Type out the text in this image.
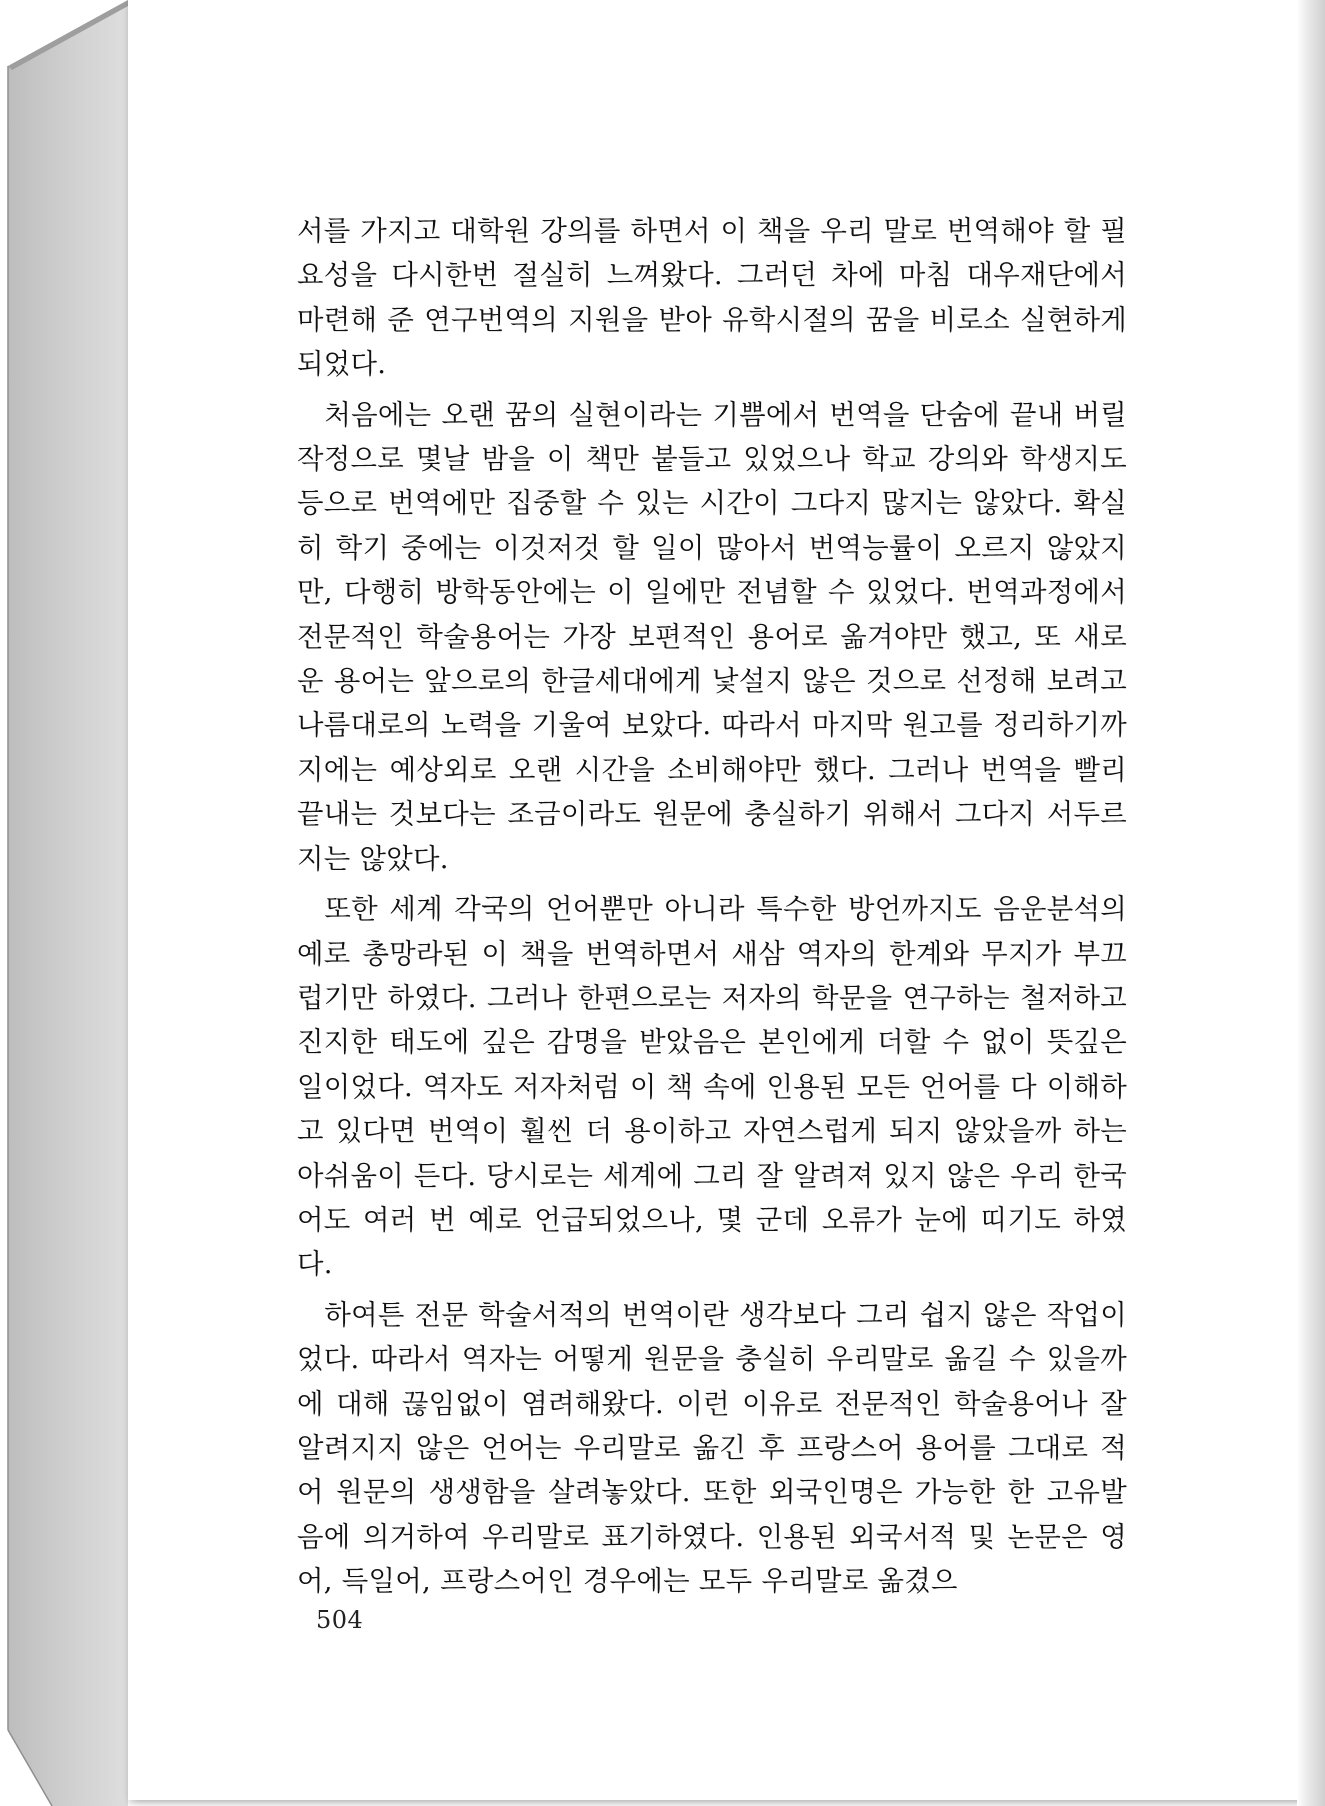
서를 가지고 대학원 강의를 하면서 이 책을 우리 말로 번역해야 할 필요성을 다시한번 절실히 느껴왔다. 그러던 차에 마침 대우재단에서 마련해 준 연구번역의 지원을 받아 유학시절의 꿈을 비로소 실현하게 되었다.

처음에는 오랜 꿈의 실현이라는 기쁨에서 번역을 단숨에 끝내 버릴 작정으로 몇날 밤을 이 책만 붙들고 있었으나 학교 강의와 학생지도 등으로 번역에만 집중할 수 있는 시간이 그다지 많지는 않았다. 확실히 학기 중에는 이것저것 할 일이 많아서 번역능률이 오르지 않았지만, 다행히 방학동안에는 이 일에만 전념할 수 있었다. 번역과정에서 전문적인 학술용어는 가장 보편적인 용어로 옮겨야만 했고, 또 새로운 용어는 앞으로의 한글세대에게 낯설지 않은 것으로 선정해 보려고 나름대로의 노력을 기울여 보았다. 따라서 마지막 원고를 정리하기까지에는 예상외로 오랜 시간을 소비해야만 했다. 그러나 번역을 빨리 끝내는 것보다는 조금이라도 원문에 충실하기 위해서 그다지 서두르지는 않았다.

또한 세계 각국의 언어뿐만 아니라 특수한 방언까지도 음운분석의 예로 총망라된 이 책을 번역하면서 새삼 역자의 한계와 무지가 부끄럽기만 하였다. 그러나 한편으로는 저자의 학문을 연구하는 철저하고 진지한 태도에 깊은 감명을 받았음은 본인에게 더할 수 없이 뜻깊은 일이었다. 역자도 저자처럼 이 책 속에 인용된 모든 언어를 다 이해하고 있다면 번역이 훨씬 더 용이하고 자연스럽게 되지 않았을까 하는 아쉬움이 든다. 당시로는 세계에 그리 잘 알려져 있지 않은 우리 한국어도 여러 번 예로 언급되었으나, 몇 군데 오류가 눈에 띠기도 하였다.

하여튼 전문 학술서적의 번역이란 생각보다 그리 쉽지 않은 작업이었다. 따라서 역자는 어떻게 원문을 충실히 우리말로 옮길 수 있을까에 대해 끊임없이 염려해왔다. 이런 이유로 전문적인 학술용어나 잘 알려지지 않은 언어는 우리말로 옮긴 후 프랑스어 용어를 그대로 적어 원문의 생생함을 살려놓았다. 또한 외국인명은 가능한 한 고유발음에 의거하여 우리말로 표기하였다. 인용된 외국서적 및 논문은 영어, 득일어, 프랑스어인 경우에는 모두 우리말로 옮겼으

504
